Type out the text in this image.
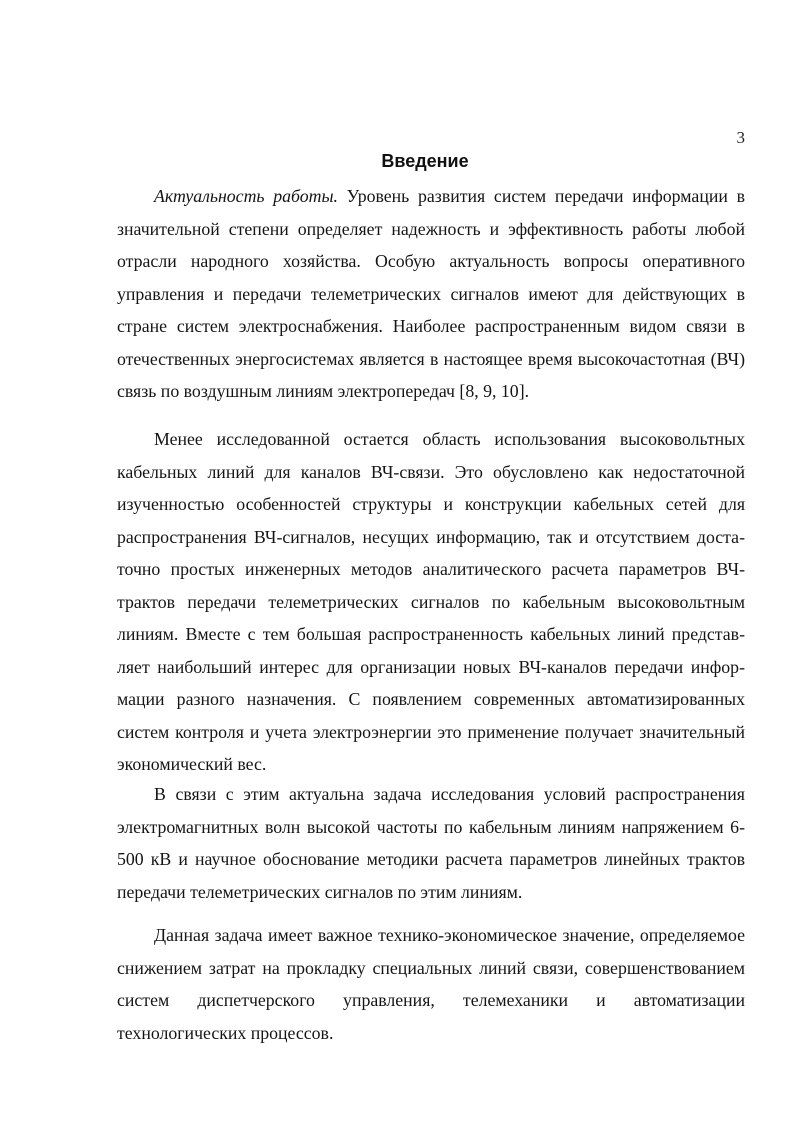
3
Введение

Актуальность работы. Уровень развития систем передачи информации в значительной степени определяет надежность и эффективность работы любой отрасли народного хозяйства. Особую актуальность вопросы оперативного управления и передачи телеметрических сигналов имеют для действующих в стране систем электроснабжения. Наиболее распространенным видом связи в отечественных энергосистемах является в настоящее время высокочастотная (ВЧ) связь по воздушным линиям электропередач [8, 9, 10].

Менее исследованной остается область использования высоковольтных кабельных линий для каналов ВЧ-связи. Это обусловлено как недостаточной изученностью особенностей структуры и конструкции кабельных сетей для распространения ВЧ-сигналов, несущих информацию, так и отсутствием достаточно простых инженерных методов аналитического расчета параметров ВЧ-трактов передачи телеметрических сигналов по кабельным высоковольтным линиям. Вместе с тем большая распространенность кабельных линий представляет наибольший интерес для организации новых ВЧ-каналов передачи информации разного назначения. С появлением современных автоматизированных систем контроля и учета электроэнергии это применение получает значительный экономический вес.

В связи с этим актуальна задача исследования условий распространения электромагнитных волн высокой частоты по кабельным линиям напряжением 6-500 кВ и научное обоснование методики расчета параметров линейных трактов передачи телеметрических сигналов по этим линиям.

Данная задача имеет важное технико-экономическое значение, определяемое снижением затрат на прокладку специальных линий связи, совершенствованием систем диспетчерского управления, телемеханики и автоматизации технологических процессов.
